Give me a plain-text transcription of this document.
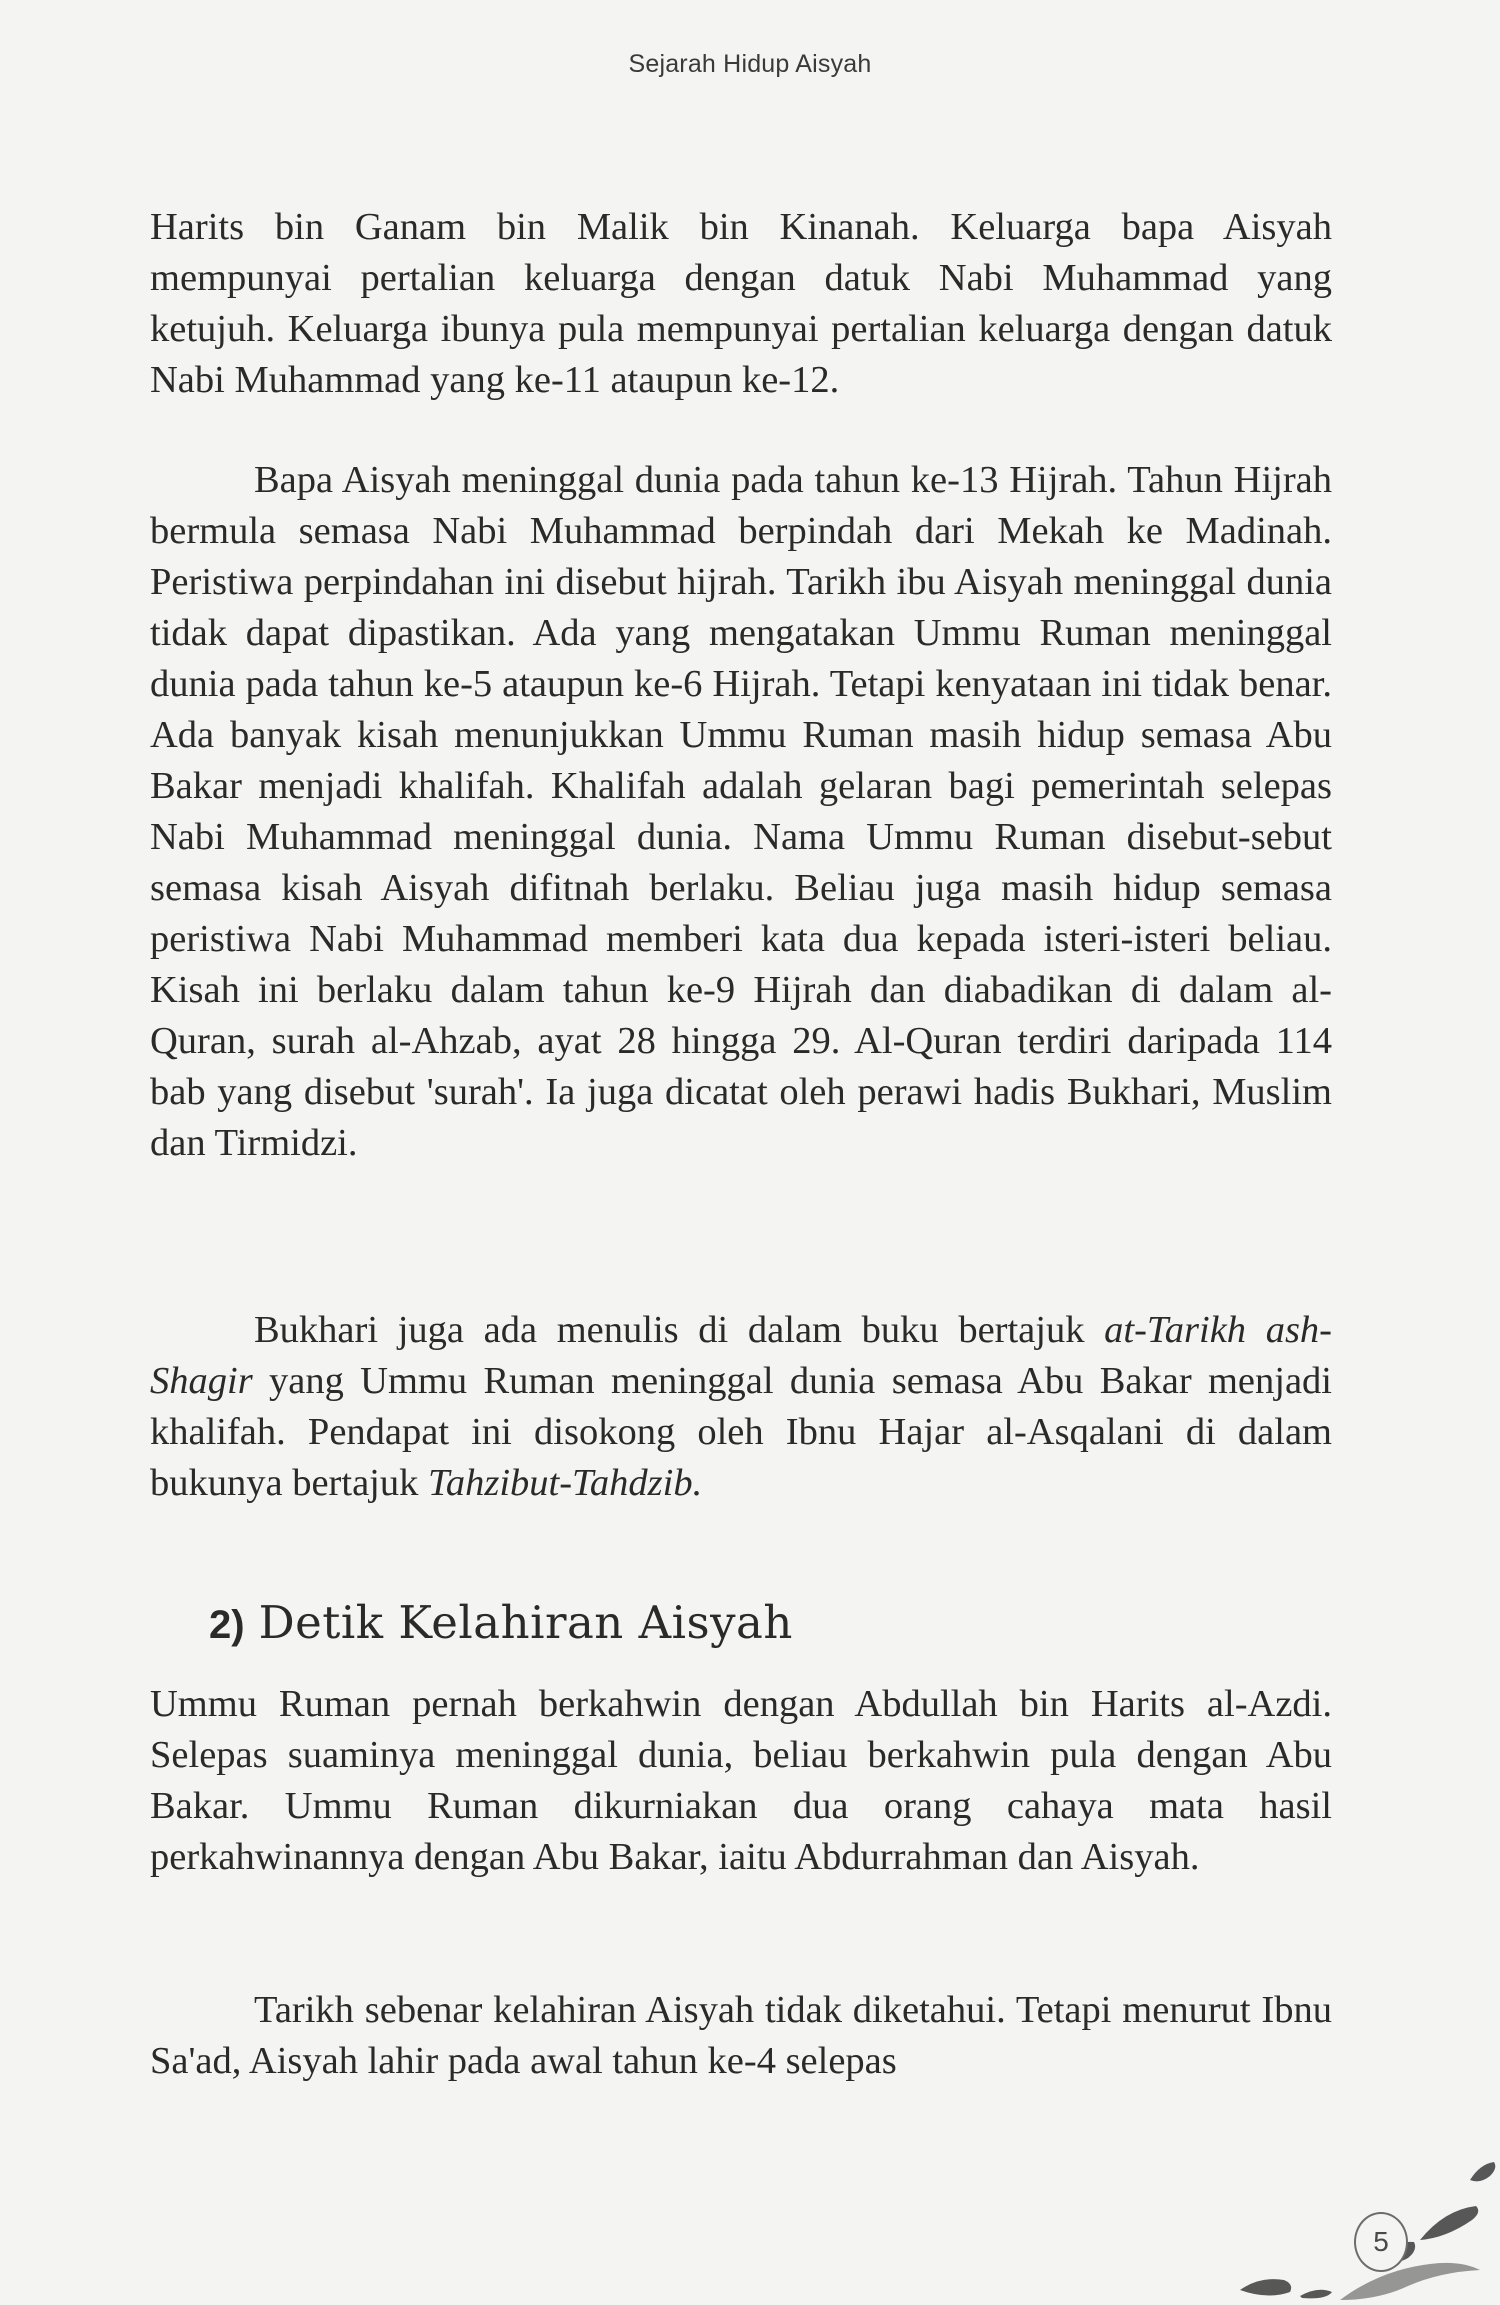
Sejarah Hidup Aisyah

Harits bin Ganam bin Malik bin Kinanah. Keluarga bapa Aisyah mempunyai pertalian keluarga dengan datuk Nabi Muhammad yang ketujuh. Keluarga ibunya pula mempunyai pertalian keluarga dengan datuk Nabi Muhammad yang ke-11 ataupun ke-12.

Bapa Aisyah meninggal dunia pada tahun ke-13 Hijrah. Tahun Hijrah bermula semasa Nabi Muhammad berpindah dari Mekah ke Madinah. Peristiwa perpindahan ini disebut hijrah. Tarikh ibu Aisyah meninggal dunia tidak dapat dipastikan. Ada yang mengatakan Ummu Ruman meninggal dunia pada tahun ke-5 ataupun ke-6 Hijrah. Tetapi kenyataan ini tidak benar. Ada banyak kisah menunjukkan Ummu Ruman masih hidup semasa Abu Bakar menjadi khalifah. Khalifah adalah gelaran bagi pemerintah selepas Nabi Muhammad meninggal dunia. Nama Ummu Ruman disebut-sebut semasa kisah Aisyah difitnah berlaku. Beliau juga masih hidup semasa peristiwa Nabi Muhammad memberi kata dua kepada isteri-isteri beliau. Kisah ini berlaku dalam tahun ke-9 Hijrah dan diabadikan di dalam al-Quran, surah al-Ahzab, ayat 28 hingga 29. Al-Quran terdiri daripada 114 bab yang disebut 'surah'. Ia juga dicatat oleh perawi hadis Bukhari, Muslim dan Tirmidzi.

Bukhari juga ada menulis di dalam buku bertajuk at-Tarikh ash-Shagir yang Ummu Ruman meninggal dunia semasa Abu Bakar menjadi khalifah. Pendapat ini disokong oleh Ibnu Hajar al-Asqalani di dalam bukunya bertajuk Tahzibut-Tahdzib.

2) Detik Kelahiran Aisyah

Ummu Ruman pernah berkahwin dengan Abdullah bin Harits al-Azdi. Selepas suaminya meninggal dunia, beliau berkahwin pula dengan Abu Bakar. Ummu Ruman dikurniakan dua orang cahaya mata hasil perkahwinannya dengan Abu Bakar, iaitu Abdurrahman dan Aisyah.

Tarikh sebenar kelahiran Aisyah tidak diketahui. Tetapi menurut Ibnu Sa'ad, Aisyah lahir pada awal tahun ke-4 selepas

5
